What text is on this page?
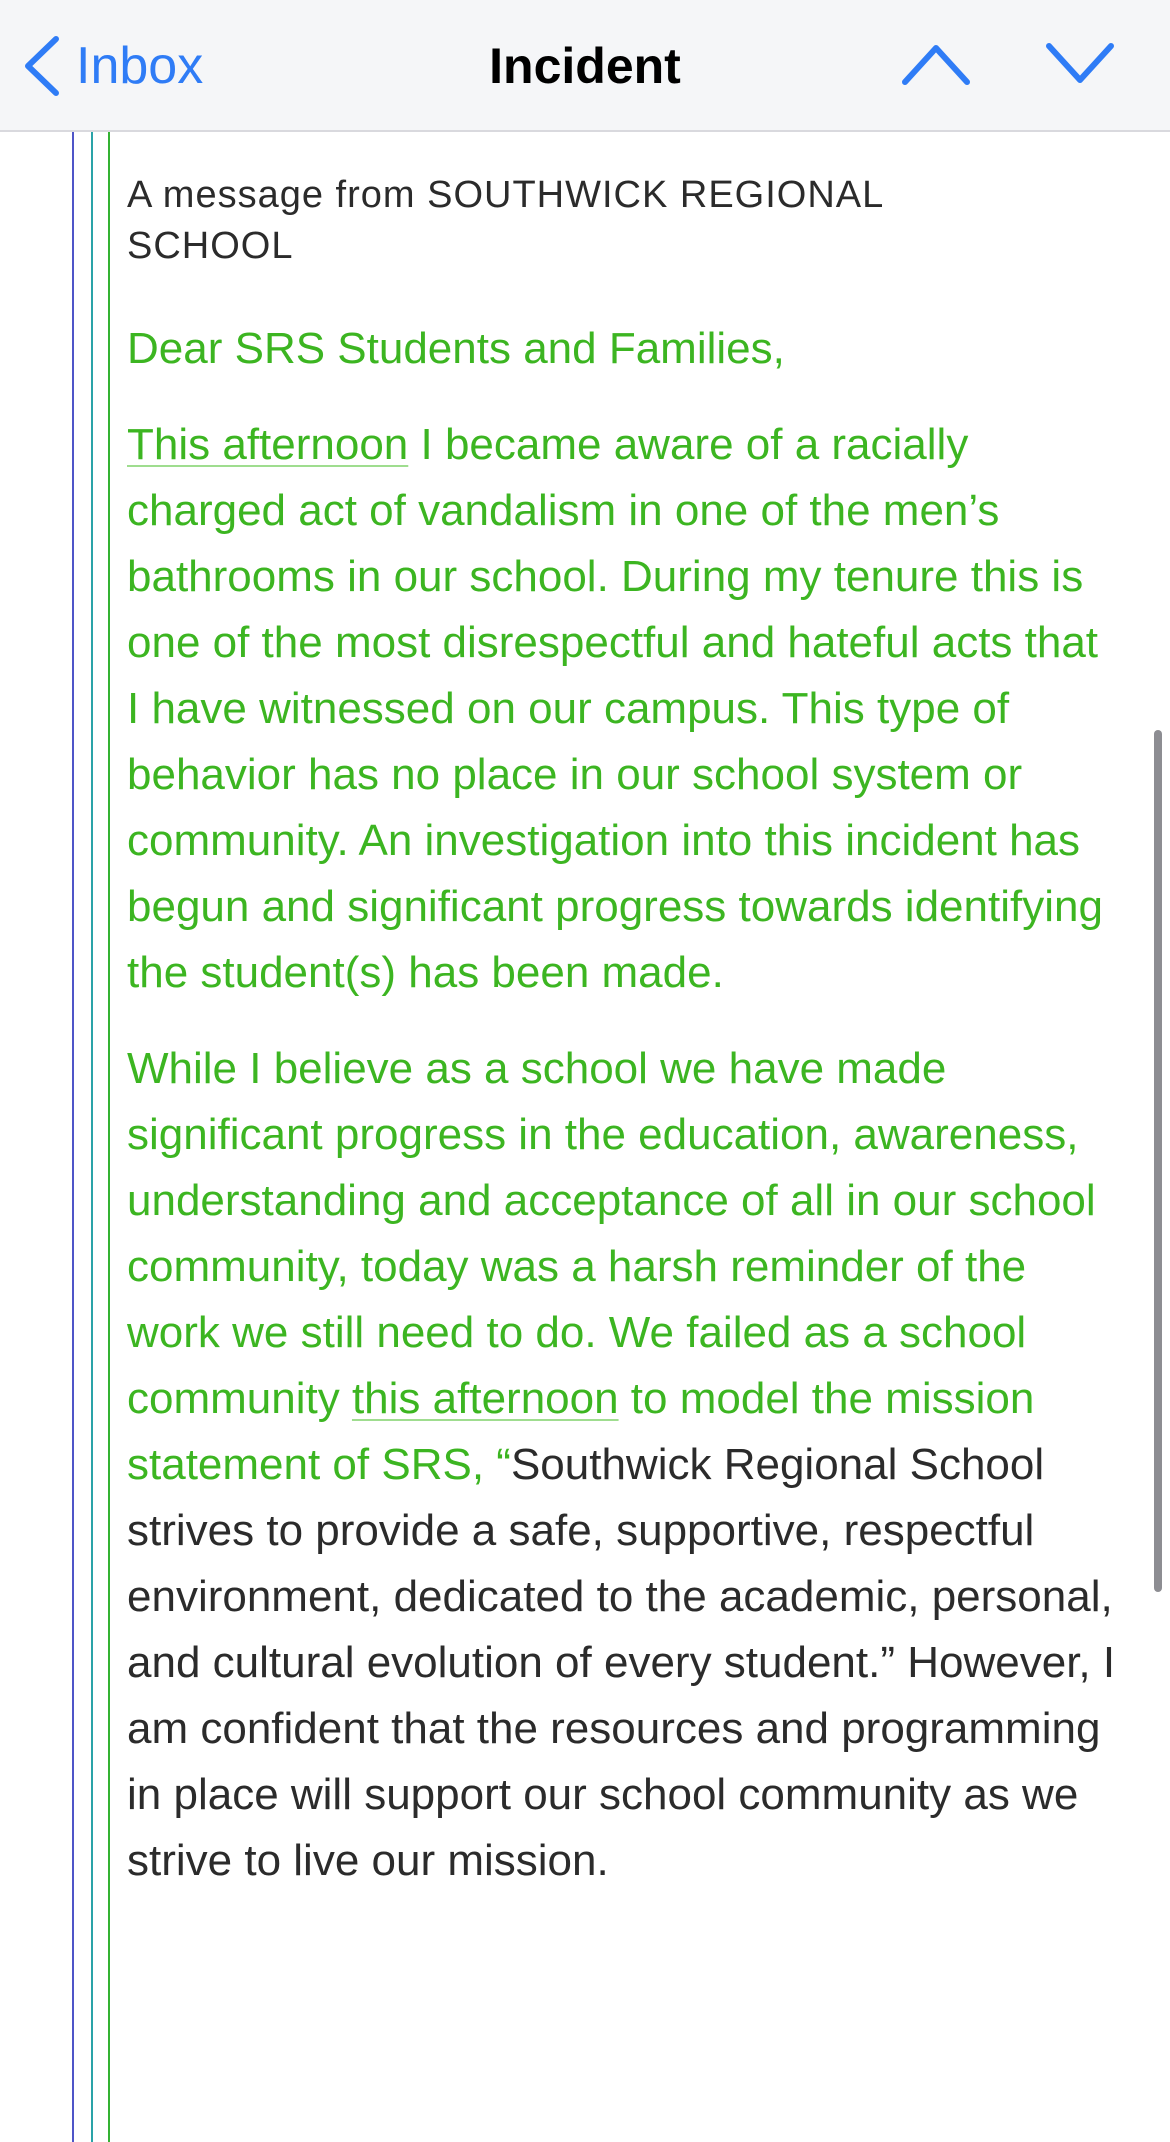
Inbox	Incident
A message from SOUTHWICK REGIONAL SCHOOL

Dear SRS Students and Families,

This afternoon I became aware of a racially charged act of vandalism in one of the men’s bathrooms in our school. During my tenure this is one of the most disrespectful and hateful acts that I have witnessed on our campus. This type of behavior has no place in our school system or community. An investigation into this incident has begun and significant progress towards identifying the student(s) has been made.

While I believe as a school we have made significant progress in the education, awareness, understanding and acceptance of all in our school community, today was a harsh reminder of the work we still need to do. We failed as a school community this afternoon to model the mission statement of SRS, “Southwick Regional School strives to provide a safe, supportive, respectful environment, dedicated to the academic, personal, and cultural evolution of every student.” However, I am confident that the resources and programming in place will support our school community as we strive to live our mission.
